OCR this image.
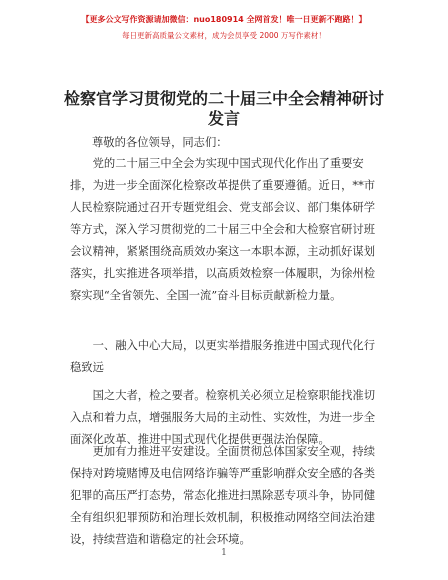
【更多公文写作资源请加微信：nuo180914 全网首发！唯一日更新不跑路！】
每日更新高质量公文素材，成为会员享受 2000 万写作素材！
检察官学习贯彻党的二十届三中全会精神研讨
发言
尊敬的各位领导，同志们：
　　党的二十届三中全会为实现中国式现代化作出了重要安
排，为进一步全面深化检察改革提供了重要遵循。近日，**市
人民检察院通过召开专题党组会、党支部会议、部门集体研学
等方式，深入学习贯彻党的二十届三中全会和大检察官研讨班
会议精神，紧紧围绕高质效办案这一本职本源，主动抓好谋划
落实，扎实推进各项举措，以高质效检察一体履职，为徐州检
察实现“全省领先、全国一流”奋斗目标贡献新检力量。
　　一、融入中心大局，以更实举措服务推进中国式现代化行
稳致远
　　国之大者，检之要者。检察机关必须立足检察职能找准切
入点和着力点，增强服务大局的主动性、实效性，为进一步全
面深化改革、推进中国式现代化提供更强法治保障。
　　更加有力推进平安建设。全面贯彻总体国家安全观，持续
保持对跨境赌博及电信网络诈骗等严重影响群众安全感的各类
犯罪的高压严打态势，常态化推进扫黑除恶专项斗争，协同健
全有组织犯罪预防和治理长效机制，积极推动网络空间法治建
设，持续营造和谐稳定的社会环境。
1
